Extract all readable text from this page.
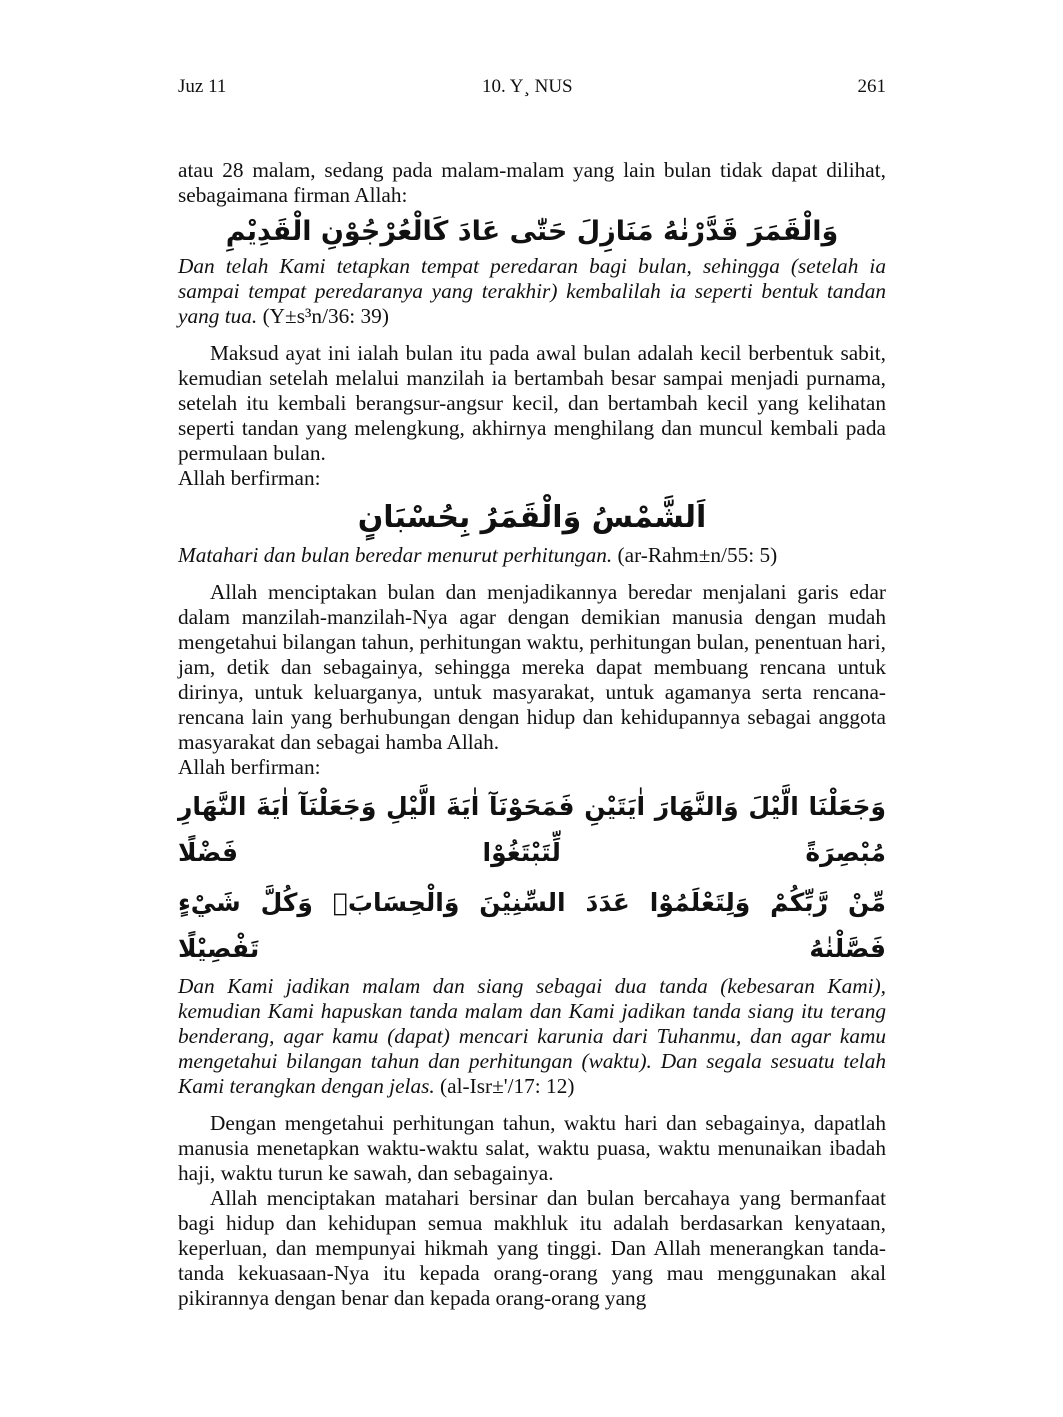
Juz 11	10. Y¸ NUS	261

atau 28 malam, sedang pada malam-malam yang lain bulan tidak dapat dilihat, sebagaimana firman Allah:

وَالْقَمَرَ قَدَّرْنٰهُ مَنَازِلَ حَتّٰى عَادَ كَالْعُرْجُوْنِ الْقَدِيْمِ

Dan telah Kami tetapkan tempat peredaran bagi bulan, sehingga (setelah ia sampai tempat peredaranya yang terakhir) kembalilah ia seperti bentuk tandan yang tua. (Y±s³n/36: 39)

Maksud ayat ini ialah bulan itu pada awal bulan adalah kecil berbentuk sabit, kemudian setelah melalui manzilah ia bertambah besar sampai menjadi purnama, setelah itu kembali berangsur-angsur kecil, dan bertambah kecil yang kelihatan seperti tandan yang melengkung, akhirnya menghilang dan muncul kembali pada permulaan bulan.

Allah berfirman:

اَلشَّمْسُ وَالْقَمَرُ بِحُسْبَانٍ

Matahari dan bulan beredar menurut perhitungan. (ar-Rahm±n/55: 5)

Allah menciptakan bulan dan menjadikannya beredar menjalani garis edar dalam manzilah-manzilah-Nya agar dengan demikian manusia dengan mudah mengetahui bilangan tahun, perhitungan waktu, perhitungan bulan, penentuan hari, jam, detik dan sebagainya, sehingga mereka dapat membuang rencana untuk dirinya, untuk keluarganya, untuk masyarakat, untuk agamanya serta rencana-rencana lain yang berhubungan dengan hidup dan kehidupannya sebagai anggota masyarakat dan sebagai hamba Allah.

Allah berfirman:

وَجَعَلْنَا الَّيْلَ وَالنَّهَارَ اٰيَتَيْنِ فَمَحَوْنَآ اٰيَةَ الَّيْلِ وَجَعَلْنَآ اٰيَةَ النَّهَارِ مُبْصِرَةً لِّتَبْتَغُوْا فَضْلًا
مِّنْ رَّبِّكُمْ وَلِتَعْلَمُوْا عَدَدَ السِّنِيْنَ وَالْحِسَابَۗ وَكُلَّ شَيْءٍ فَصَّلْنٰهُ تَفْصِيْلًا

Dan Kami jadikan malam dan siang sebagai dua tanda (kebesaran Kami), kemudian Kami hapuskan tanda malam dan Kami jadikan tanda siang itu terang benderang, agar kamu (dapat) mencari karunia dari Tuhanmu, dan agar kamu mengetahui bilangan tahun dan perhitungan (waktu). Dan segala sesuatu telah Kami terangkan dengan jelas. (al-Isr±'/17: 12)

Dengan mengetahui perhitungan tahun, waktu hari dan sebagainya, dapatlah manusia menetapkan waktu-waktu salat, waktu puasa, waktu menunaikan ibadah haji, waktu turun ke sawah, dan sebagainya.

Allah menciptakan matahari bersinar dan bulan bercahaya yang bermanfaat bagi hidup dan kehidupan semua makhluk itu adalah berdasarkan kenyataan, keperluan, dan mempunyai hikmah yang tinggi. Dan Allah menerangkan tanda-tanda kekuasaan-Nya itu kepada orang-orang yang mau menggunakan akal pikirannya dengan benar dan kepada orang-orang yang
